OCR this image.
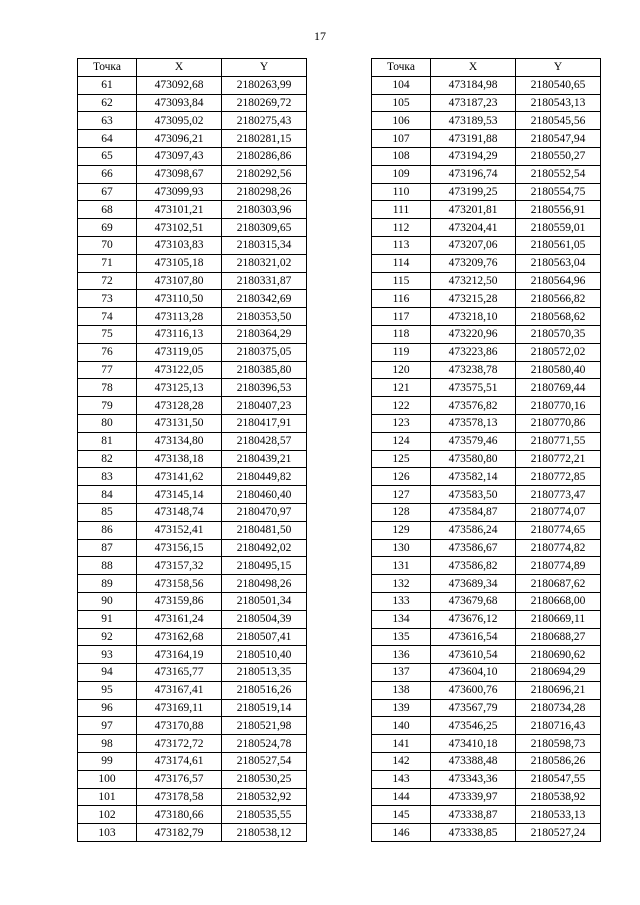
17
Точка	X	Y
61	473092,68	2180263,99
62	473093,84	2180269,72
63	473095,02	2180275,43
64	473096,21	2180281,15
65	473097,43	2180286,86
66	473098,67	2180292,56
67	473099,93	2180298,26
68	473101,21	2180303,96
69	473102,51	2180309,65
70	473103,83	2180315,34
71	473105,18	2180321,02
72	473107,80	2180331,87
73	473110,50	2180342,69
74	473113,28	2180353,50
75	473116,13	2180364,29
76	473119,05	2180375,05
77	473122,05	2180385,80
78	473125,13	2180396,53
79	473128,28	2180407,23
80	473131,50	2180417,91
81	473134,80	2180428,57
82	473138,18	2180439,21
83	473141,62	2180449,82
84	473145,14	2180460,40
85	473148,74	2180470,97
86	473152,41	2180481,50
87	473156,15	2180492,02
88	473157,32	2180495,15
89	473158,56	2180498,26
90	473159,86	2180501,34
91	473161,24	2180504,39
92	473162,68	2180507,41
93	473164,19	2180510,40
94	473165,77	2180513,35
95	473167,41	2180516,26
96	473169,11	2180519,14
97	473170,88	2180521,98
98	473172,72	2180524,78
99	473174,61	2180527,54
100	473176,57	2180530,25
101	473178,58	2180532,92
102	473180,66	2180535,55
103	473182,79	2180538,12
Точка	X	Y
104	473184,98	2180540,65
105	473187,23	2180543,13
106	473189,53	2180545,56
107	473191,88	2180547,94
108	473194,29	2180550,27
109	473196,74	2180552,54
110	473199,25	2180554,75
111	473201,81	2180556,91
112	473204,41	2180559,01
113	473207,06	2180561,05
114	473209,76	2180563,04
115	473212,50	2180564,96
116	473215,28	2180566,82
117	473218,10	2180568,62
118	473220,96	2180570,35
119	473223,86	2180572,02
120	473238,78	2180580,40
121	473575,51	2180769,44
122	473576,82	2180770,16
123	473578,13	2180770,86
124	473579,46	2180771,55
125	473580,80	2180772,21
126	473582,14	2180772,85
127	473583,50	2180773,47
128	473584,87	2180774,07
129	473586,24	2180774,65
130	473586,67	2180774,82
131	473586,82	2180774,89
132	473689,34	2180687,62
133	473679,68	2180668,00
134	473676,12	2180669,11
135	473616,54	2180688,27
136	473610,54	2180690,62
137	473604,10	2180694,29
138	473600,76	2180696,21
139	473567,79	2180734,28
140	473546,25	2180716,43
141	473410,18	2180598,73
142	473388,48	2180586,26
143	473343,36	2180547,55
144	473339,97	2180538,92
145	473338,87	2180533,13
146	473338,85	2180527,24
